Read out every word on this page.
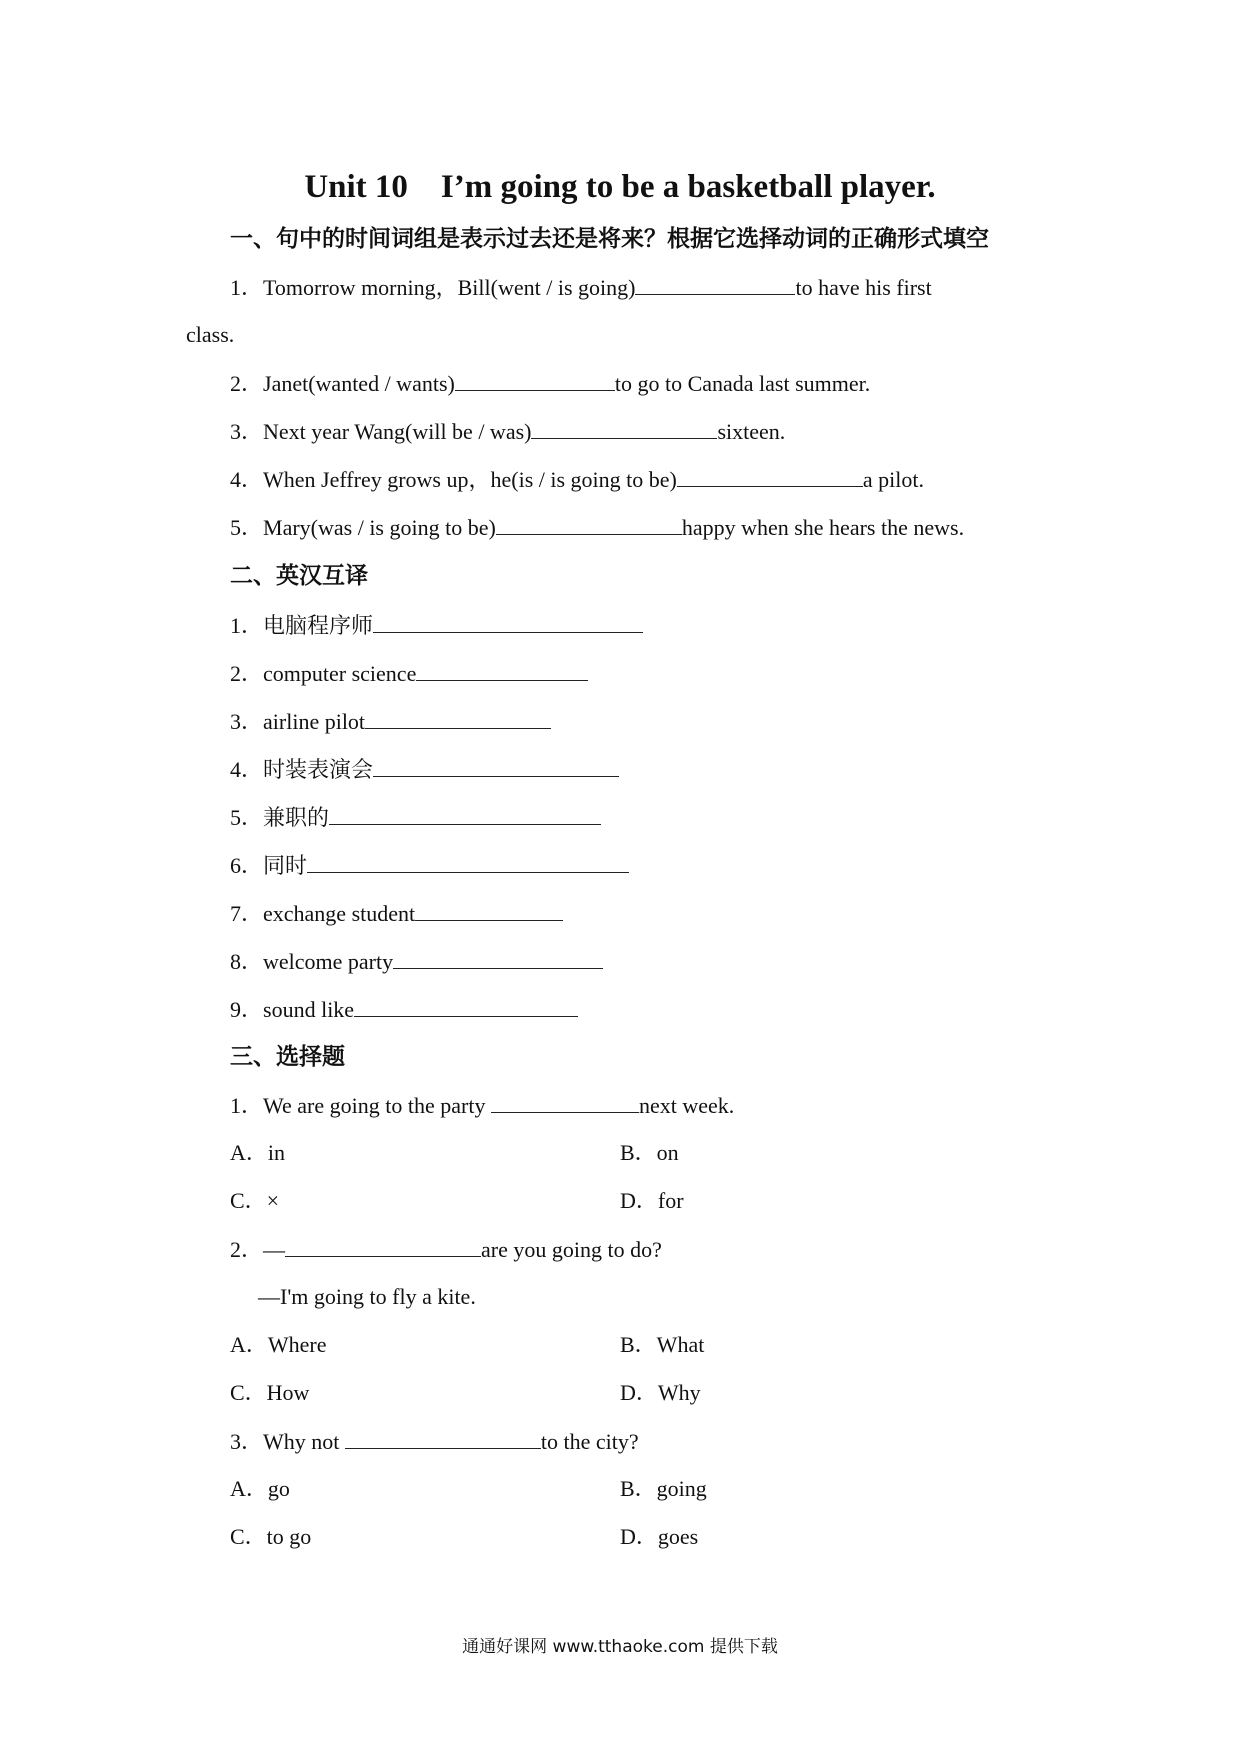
Unit 10　I’m going to be a basketball player.
一、句中的时间词组是表示过去还是将来？根据它选择动词的正确形式填空
1．Tomorrow morning，Bill(went / is going)	to have his first
class.
2．Janet(wanted / wants)	to go to Canada last summer.
3．Next year Wang(will be / was)	sixteen.
4．When Jeffrey grows up，he(is / is going to be)	a pilot.
5．Mary(was / is going to be)	happy when she hears the news.
二、英汉互译
1．电脑程序师
2．computer science
3．airline pilot
4．时装表演会
5．兼职的
6．同时
7．exchange student
8．welcome party
9．sound like
三、选择题
1．We are going to the party	next week.
A．in	B．on
C．×	D．for
2．—	are you going to do?
—I'm going to fly a kite.
A．Where	B．What
C．How	D．Why
3．Why not	to the city?
A．go	B．going
C．to go	D．goes
通通好课网 www.tthaoke.com 提供下载
